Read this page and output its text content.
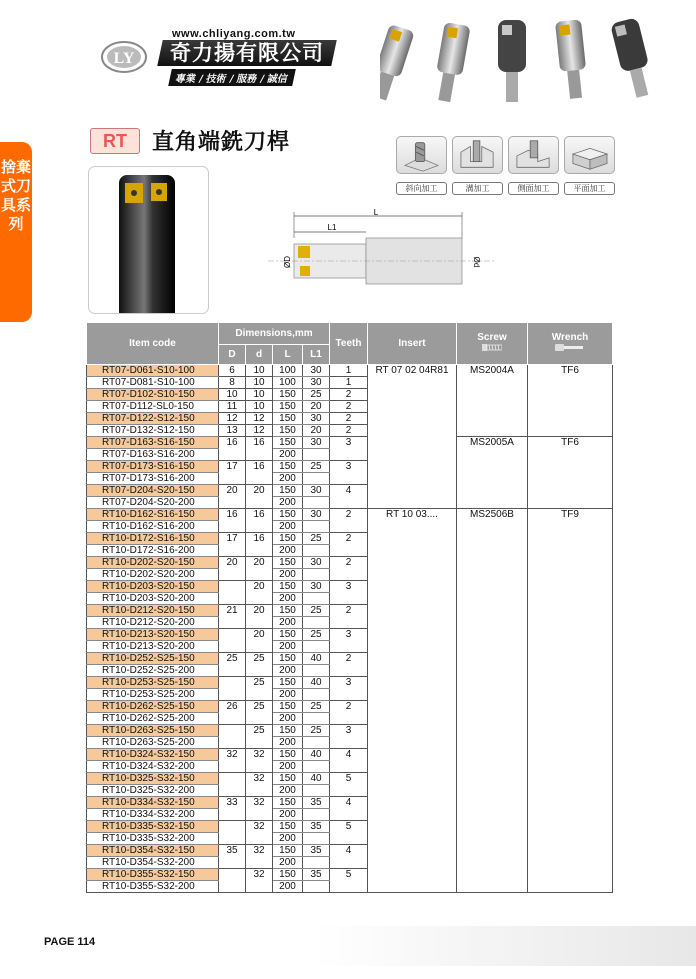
www.chliyang.com.tw
LY	奇力揚有限公司
專業 / 技術 / 服務 / 誠信
捨棄式刀具系列
RT	直角端銑刀桿
斜向加工	溝加工	側面加工	平面加工
L
L1
ØD	Ød
Item code	Dimensions,mm				Teeth	Insert	Screw	Wrench

	D	d	L	L1				
RT07-D061-S10-100	6	10	100	30	1	RT 07 02 04R81	MS2004A	TF6
RT07-D081-S10-100	8	10	100	30	1			
RT07-D102-S10-150	10	10	150	25	2			
RT07-D112-SL0-150	11	10	150	20	2			
RT07-D122-S12-150	12	12	150	30	2			
RT07-D132-S12-150	13	12	150	20	2			
RT07-D163-S16-150	16	16	150	30	3		MS2005A	TF6
RT07-D163-S16-200			200					
RT07-D173-S16-150	17	16	150	25	3			
RT07-D173-S16-200			200					
RT07-D204-S20-150	20	20	150	30	4			
RT07-D204-S20-200			200					
RT10-D162-S16-150	16	16	150	30	2	RT 10 03....	MS2506B	TF9
RT10-D162-S16-200			200					
RT10-D172-S16-150	17	16	150	25	2			
RT10-D172-S16-200			200					
RT10-D202-S20-150	20	20	150	30	2			
RT10-D202-S20-200			200					
RT10-D203-S20-150		20	150	30	3			
RT10-D203-S20-200			200					
RT10-D212-S20-150	21	20	150	25	2			
RT10-D212-S20-200			200					
RT10-D213-S20-150		20	150	25	3			
RT10-D213-S20-200			200					
RT10-D252-S25-150	25	25	150	40	2			
RT10-D252-S25-200			200					
RT10-D253-S25-150		25	150	40	3			
RT10-D253-S25-200			200					
RT10-D262-S25-150	26	25	150	25	2			
RT10-D262-S25-200			200					
RT10-D263-S25-150		25	150	25	3			
RT10-D263-S25-200			200					
RT10-D324-S32-150	32	32	150	40	4			
RT10-D324-S32-200			200					
RT10-D325-S32-150		32	150	40	5			
RT10-D325-S32-200			200					
RT10-D334-S32-150	33	32	150	35	4			
RT10-D334-S32-200			200					
RT10-D335-S32-150		32	150	35	5			
RT10-D335-S32-200			200					
RT10-D354-S32-150	35	32	150	35	4			
RT10-D354-S32-200			200					
RT10-D355-S32-150		32	150	35	5			
RT10-D355-S32-200			200					
PAGE 114
